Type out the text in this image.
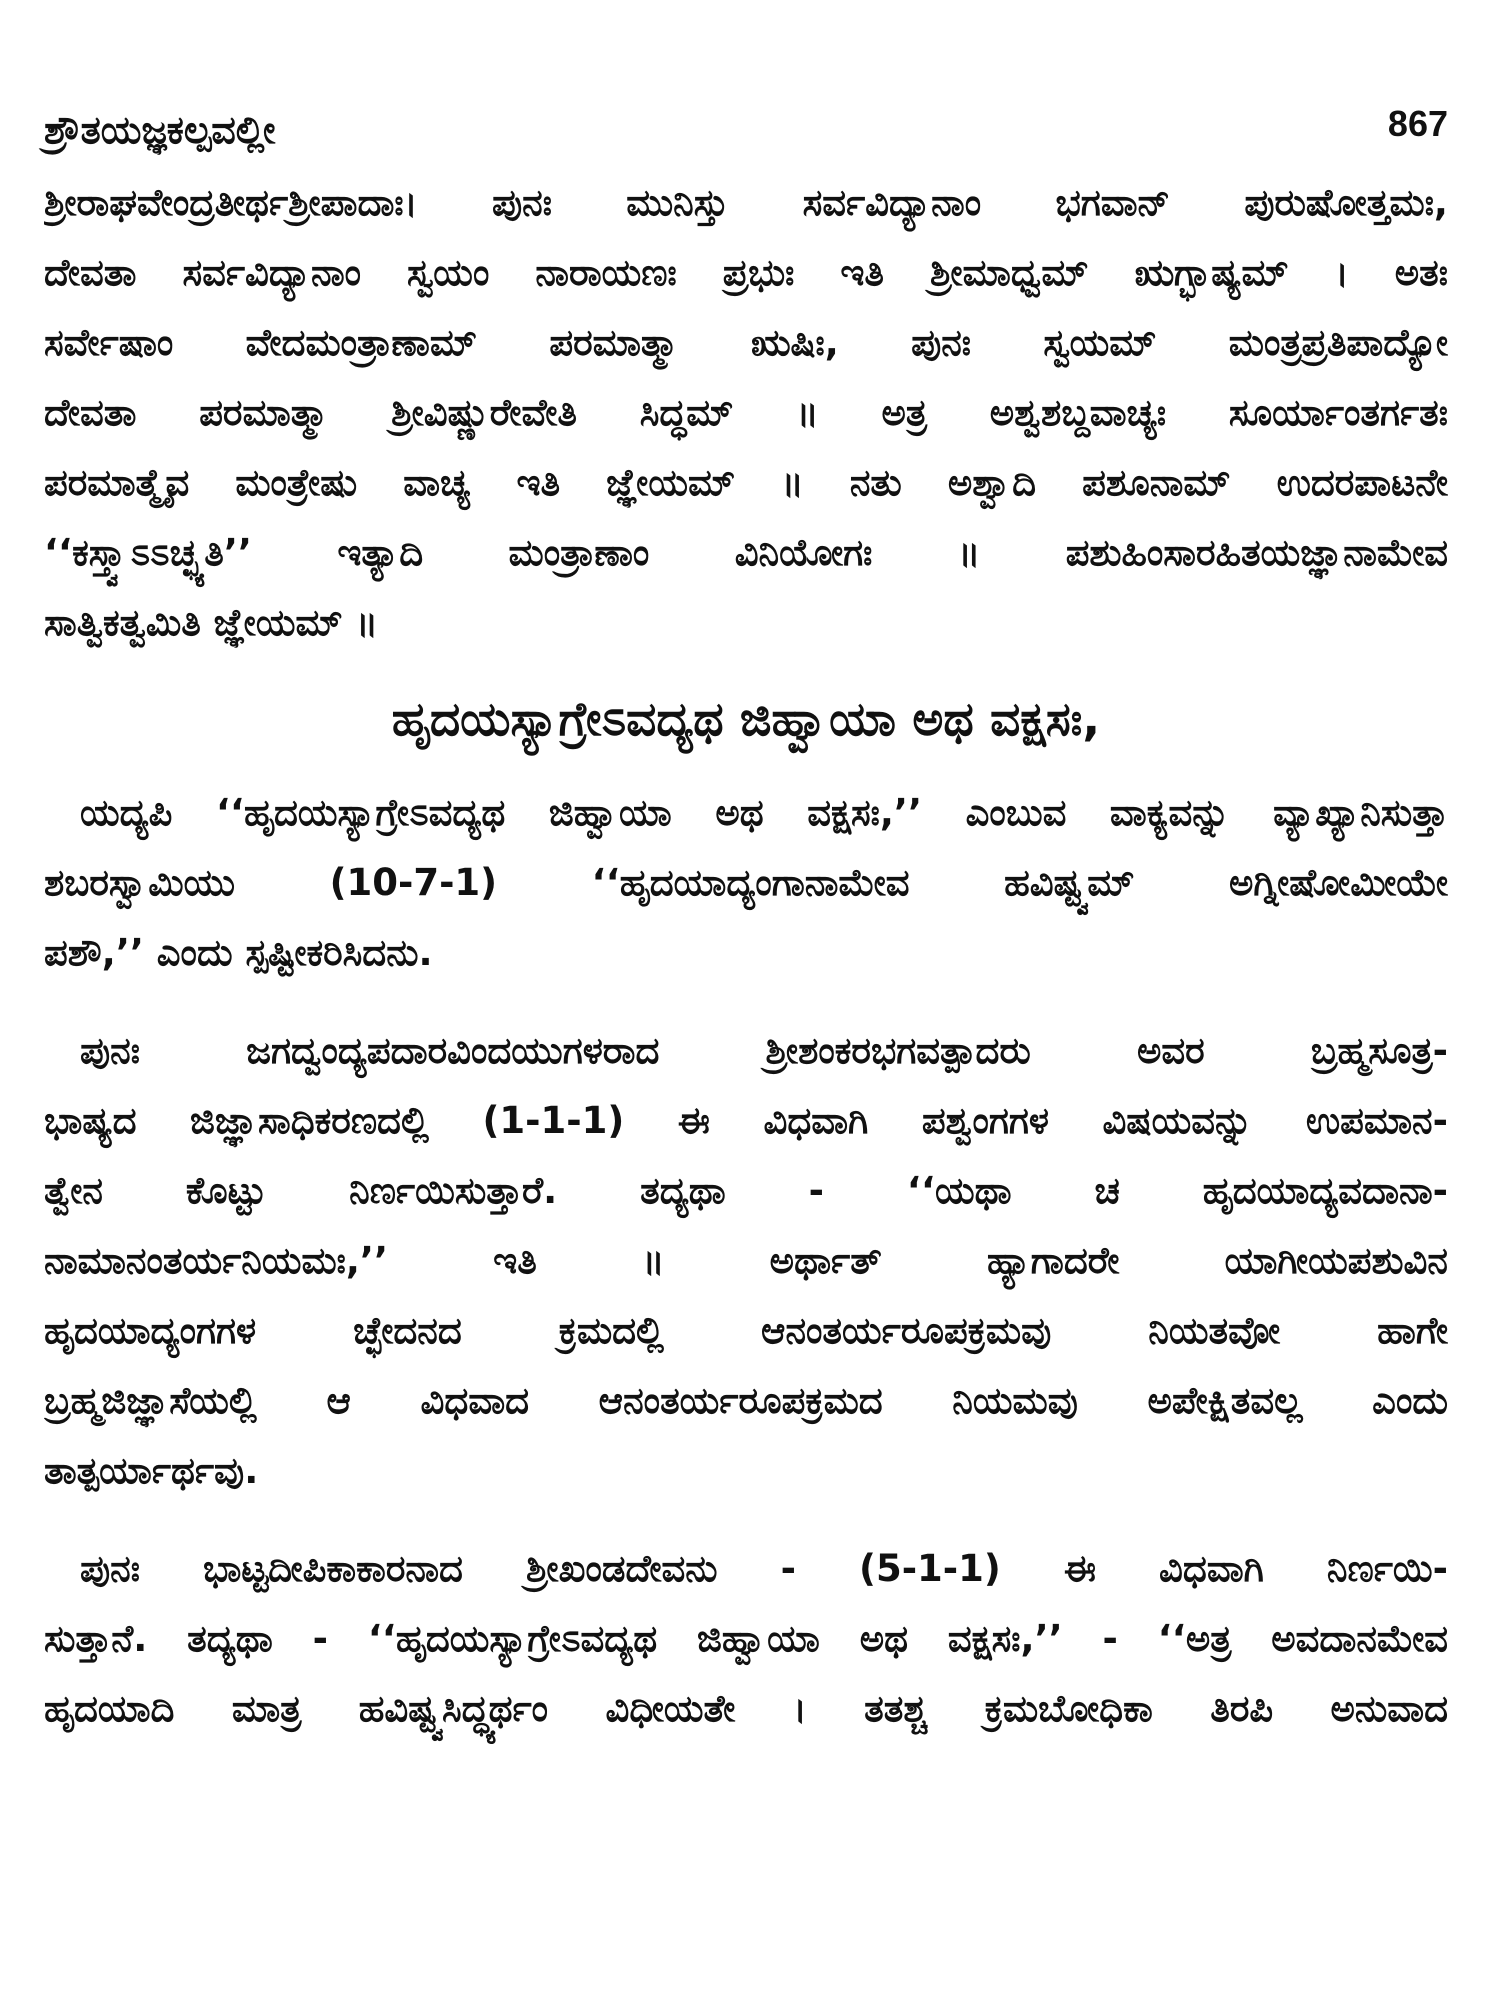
ಶ್ರೌತಯಜ್ಞಕಲ್ಪವಲ್ಲೀ	867
ಶ್ರೀರಾಘವೇಂದ್ರತೀರ್ಥಶ್ರೀಪಾದಾಃ। ಪುನಃ ಮುನಿಸ್ತು ಸರ್ವವಿದ್ಯಾನಾಂ ಭಗವಾನ್ ಪುರುಷೋತ್ತಮಃ,
ದೇವತಾ ಸರ್ವವಿದ್ಯಾನಾಂ ಸ್ವಯಂ ನಾರಾಯಣಃ ಪ್ರಭುಃ ಇತಿ ಶ್ರೀಮಾಧ್ವಮ್ ಋಗ್ಭಾಷ್ಯಮ್ । ಅತಃ
ಸರ್ವೇಷಾಂ ವೇದಮಂತ್ರಾಣಾಮ್ ಪರಮಾತ್ಮಾ ಋಷಿಃ, ಪುನಃ ಸ್ವಯಮ್ ಮಂತ್ರಪ್ರತಿಪಾದ್ಯೋ
ದೇವತಾ ಪರಮಾತ್ಮಾ ಶ್ರೀವಿಷ್ಣುರೇವೇತಿ ಸಿದ್ಧಮ್ ॥ ಅತ್ರ ಅಶ್ವಶಬ್ದವಾಚ್ಯಃ ಸೂರ್ಯಾಂತರ್ಗತಃ
ಪರಮಾತ್ಮೈವ ಮಂತ್ರೇಷು ವಾಚ್ಯ ಇತಿ ಜ್ಞೇಯಮ್ ॥ ನತು ಅಶ್ವಾದಿ ಪಶೂನಾಮ್ ಉದರಪಾಟನೇ
‘‘ಕಸ್ತ್ವಾಽಽಚ್ಛ್ಯತಿ’’ ಇತ್ಯಾದಿ ಮಂತ್ರಾಣಾಂ ವಿನಿಯೋಗಃ ॥ ಪಶುಹಿಂಸಾರಹಿತಯಜ್ಞಾನಾಮೇವ
ಸಾತ್ವಿಕತ್ವಮಿತಿ ಜ್ಞೇಯಮ್ ॥
ಹೃದಯಸ್ಯಾಗ್ರೇಽವದ್ಯಥ ಜಿಹ್ವಾಯಾ ಅಥ ವಕ್ಷಸಃ,
ಯದ್ಯಪಿ ‘‘ಹೃದಯಸ್ಯಾಗ್ರೇಽವದ್ಯಥ ಜಿಹ್ವಾಯಾ ಅಥ ವಕ್ಷಸಃ,’’ ಎಂಬುವ ವಾಕ್ಯವನ್ನು ವ್ಯಾಖ್ಯಾನಿಸುತ್ತಾ
ಶಬರಸ್ವಾಮಿಯು (10-7-1) ‘‘ಹೃದಯಾದ್ಯಂಗಾನಾಮೇವ ಹವಿಷ್ಟ್ವಮ್ ಅಗ್ನೀಷೋಮೀಯೇ
ಪಶೌ,’’ ಎಂದು ಸ್ಪಷ್ಟೀಕರಿಸಿದನು.
ಪುನಃ ಜಗದ್ವಂದ್ಯಪದಾರವಿಂದಯುಗಳರಾದ ಶ್ರೀಶಂಕರಭಗವತ್ಪಾದರು ಅವರ ಬ್ರಹ್ಮಸೂತ್ರ-
ಭಾಷ್ಯದ ಜಿಜ್ಞಾಸಾಧಿಕರಣದಲ್ಲಿ (1-1-1) ಈ ವಿಧವಾಗಿ ಪಶ್ವಂಗಗಳ ವಿಷಯವನ್ನು ಉಪಮಾನ-
ತ್ವೇನ ಕೊಟ್ಟು ನಿರ್ಣಯಿಸುತ್ತಾರೆ. ತದ್ಯಥಾ - ‘‘ಯಥಾ ಚ ಹೃದಯಾದ್ಯವದಾನಾ-
ನಾಮಾನಂತರ್ಯನಿಯಮಃ,’’ ಇತಿ ॥ ಅರ್ಥಾತ್ ಹ್ಯಾಗಾದರೇ ಯಾಗೀಯಪಶುವಿನ
ಹೃದಯಾದ್ಯಂಗಗಳ ಚ್ಛೇದನದ ಕ್ರಮದಲ್ಲಿ ಆನಂತರ್ಯರೂಪಕ್ರಮವು ನಿಯತವೋ ಹಾಗೇ
ಬ್ರಹ್ಮಜಿಜ್ಞಾಸೆಯಲ್ಲಿ ಆ ವಿಧವಾದ ಆನಂತರ್ಯರೂಪಕ್ರಮದ ನಿಯಮವು ಅಪೇಕ್ಷಿತವಲ್ಲ ಎಂದು
ತಾತ್ಪರ್ಯಾರ್ಥವು.
ಪುನಃ ಭಾಟ್ಟದೀಪಿಕಾಕಾರನಾದ ಶ್ರೀಖಂಡದೇವನು - (5-1-1) ಈ ವಿಧವಾಗಿ ನಿರ್ಣಯಿ-
ಸುತ್ತಾನೆ. ತದ್ಯಥಾ - ‘‘ಹೃದಯಸ್ಯಾಗ್ರೇಽವದ್ಯಥ ಜಿಹ್ವಾಯಾ ಅಥ ವಕ್ಷಸಃ,’’ - ‘‘ಅತ್ರ ಅವದಾನಮೇವ
ಹೃದಯಾದಿ ಮಾತ್ರ ಹವಿಷ್ಟ್ವಸಿದ್ಧ್ಯರ್ಥಂ ವಿಧೀಯತೇ । ತತಶ್ಚ ಕ್ರಮಬೋಧಿಕಾ ತಿರಪಿ ಅನುವಾದ
